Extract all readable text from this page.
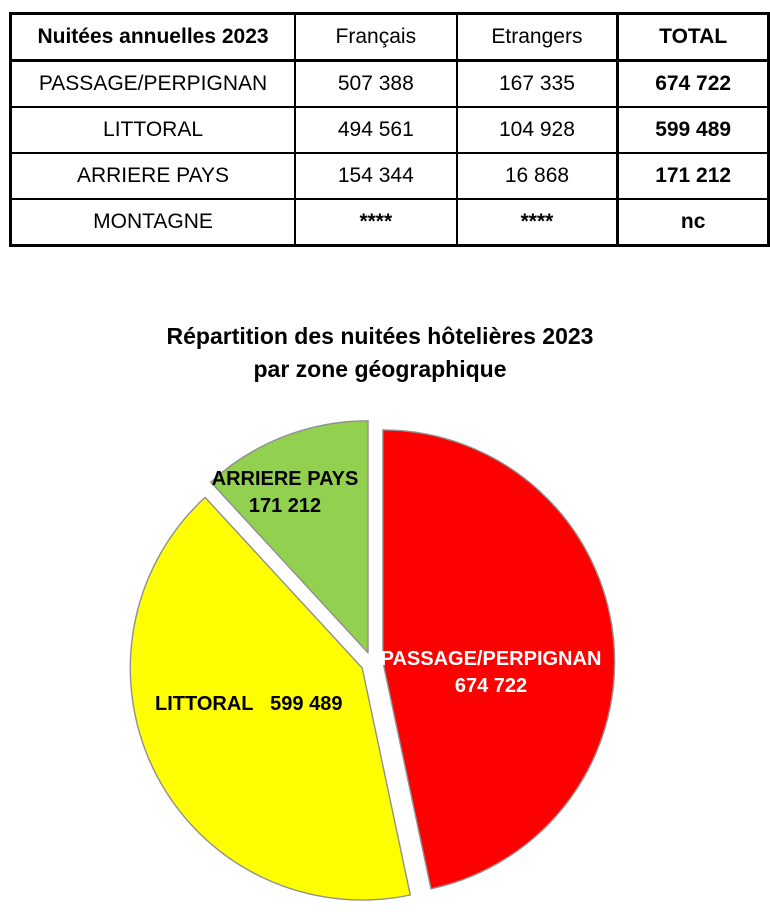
Nuitées annuelles 2023	Français	Etrangers	TOTAL
PASSAGE/PERPIGNAN	507 388	167 335	674 722
LITTORAL	494 561	104 928	599 489
ARRIERE PAYS	154 344	16 868	171 212
MONTAGNE	****	****	nc
Répartition des nuitées hôtelières 2023
par zone géographique
PASSAGE/PERPIGNAN
674 722
LITTORAL   599 489
ARRIERE PAYS
171 212
